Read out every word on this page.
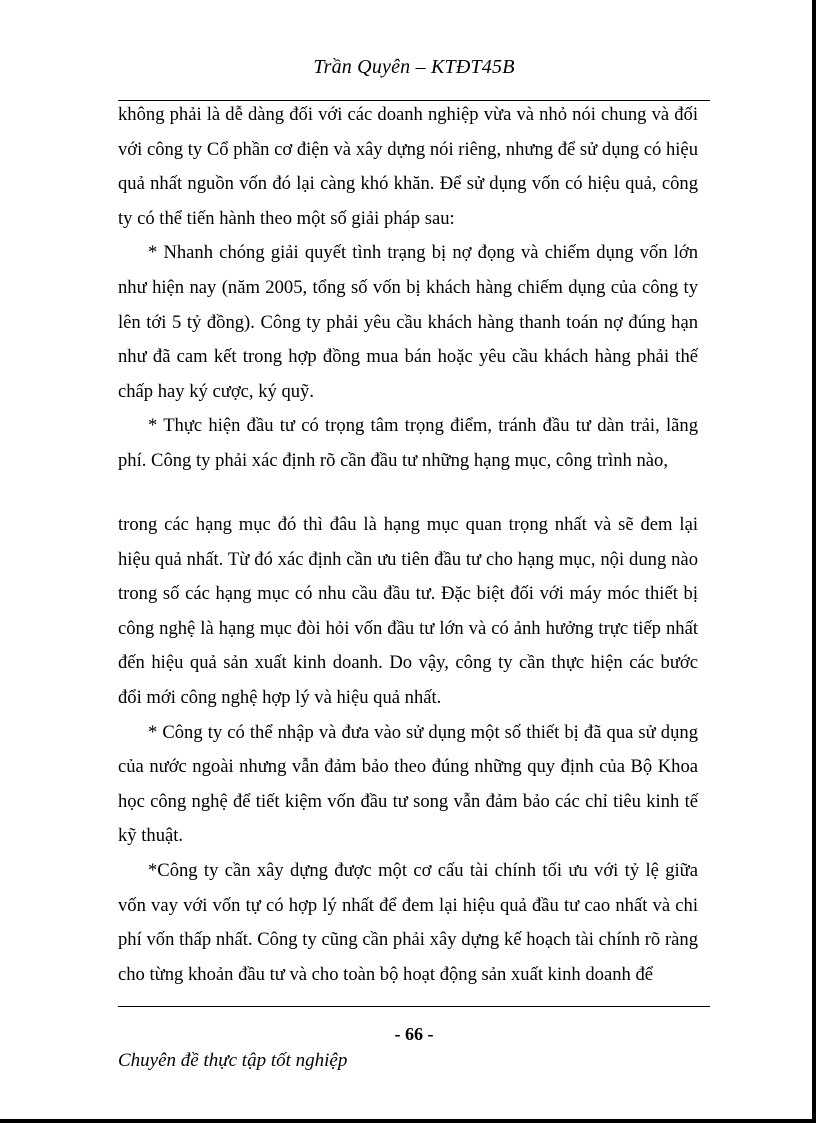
Trần Quyên – KTĐT45B

không phải là dễ dàng đối với các doanh nghiệp vừa và nhỏ nói chung và đối với công ty Cổ phần cơ điện và xây dựng nói riêng, nhưng để sử dụng có hiệu quả nhất nguồn vốn đó lại càng khó khăn. Để sử dụng vốn có hiệu quả, công ty có thể tiến hành theo một số giải pháp sau:

* Nhanh chóng giải quyết tình trạng bị nợ đọng và chiếm dụng vốn lớn như hiện nay (năm 2005, tổng số vốn bị khách hàng chiếm dụng của công ty lên tới 5 tỷ đồng). Công ty phải yêu cầu khách hàng thanh toán nợ đúng hạn như đã cam kết trong hợp đồng mua bán hoặc yêu cầu khách hàng phải thế chấp hay ký cược, ký quỹ.

* Thực hiện đầu tư có trọng tâm trọng điểm, tránh đầu tư dàn trải, lãng phí. Công ty phải xác định rõ cần đầu tư những hạng mục, công trình nào,

trong các hạng mục đó thì đâu là hạng mục quan trọng nhất và sẽ đem lại hiệu quả nhất. Từ đó xác định cần ưu tiên đầu tư cho hạng mục, nội dung nào trong số các hạng mục có nhu cầu đầu tư. Đặc biệt đối với máy móc thiết bị công nghệ là hạng mục đòi hỏi vốn đầu tư lớn và có ảnh hưởng trực tiếp nhất đến hiệu quả sản xuất kinh doanh. Do vậy, công ty cần thực hiện các bước đổi mới công nghệ hợp lý và hiệu quả nhất.

* Công ty có thể nhập và đưa vào sử dụng một số thiết bị đã qua sử dụng của nước ngoài nhưng vẫn đảm bảo theo đúng những quy định của Bộ Khoa học công nghệ để tiết kiệm vốn đầu tư song vẫn đảm bảo các chỉ tiêu kinh tế kỹ thuật.

*Công ty cần xây dựng được một cơ cấu tài chính tối ưu với tỷ lệ giữa vốn vay với vốn tự có hợp lý nhất để đem lại hiệu quả đầu tư cao nhất và chi phí vốn thấp nhất. Công ty cũng cần phải xây dựng kế hoạch tài chính rõ ràng cho từng khoản đầu tư và cho toàn bộ hoạt động sản xuất kinh doanh để

- 66 -
Chuyên đề thực tập tốt nghiệp
